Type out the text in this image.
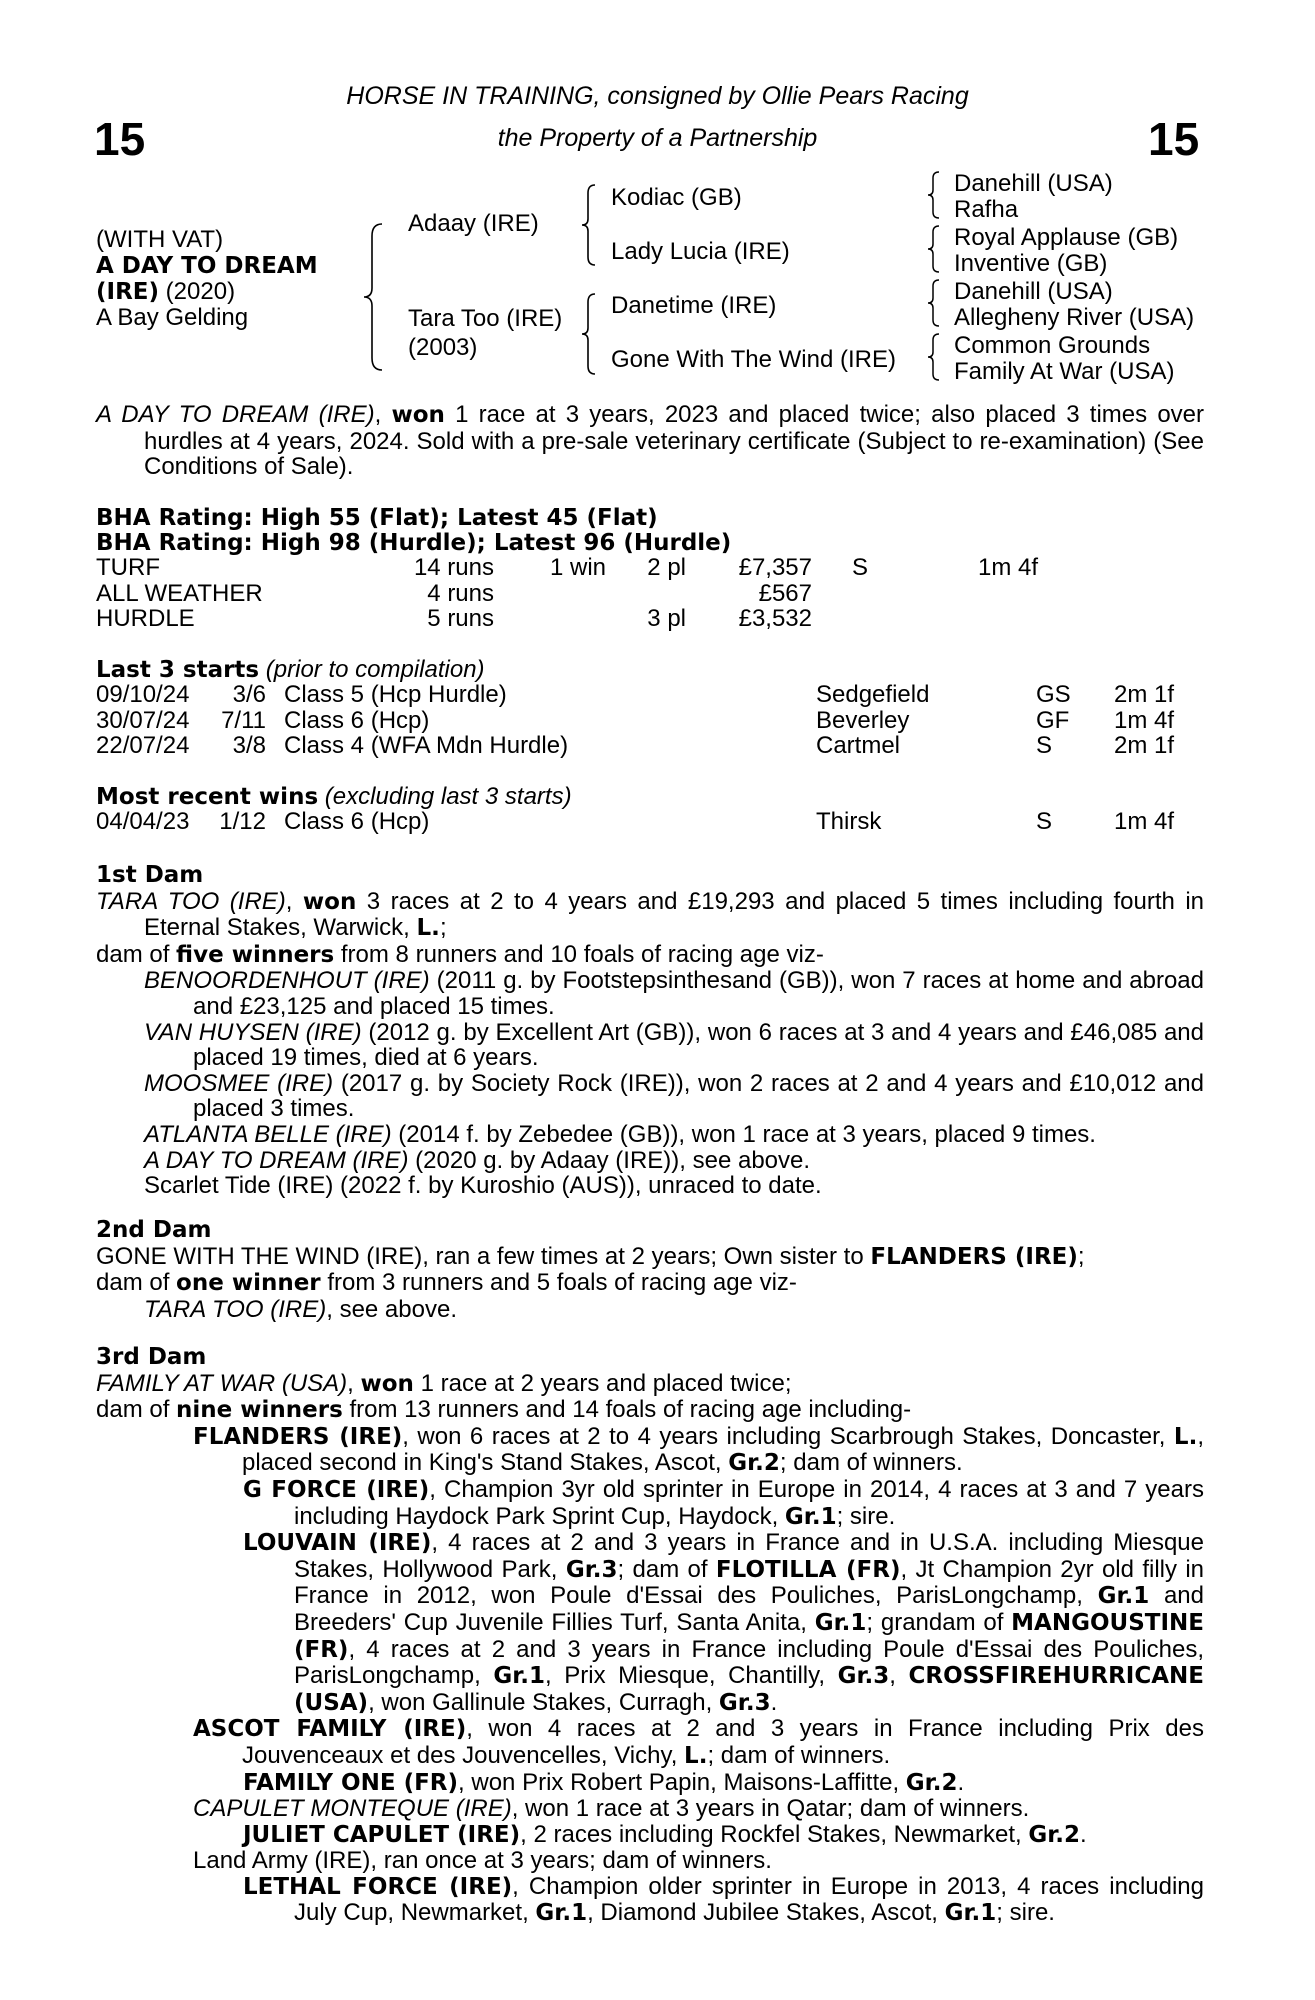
15	15
HORSE IN TRAINING, consigned by Ollie Pears Racing
the Property of a Partnership
(WITH VAT)
A DAY TO DREAM
(IRE) (2020)
A Bay Gelding
Adaay (IRE)
Tara Too (IRE)
(2003)
Kodiac (GB)
Lady Lucia (IRE)
Danetime (IRE)
Gone With The Wind (IRE)
Danehill (USA)
Rafha
Royal Applause (GB)
Inventive (GB)
Danehill (USA)
Allegheny River (USA)
Common Grounds
Family At War (USA)

A DAY TO DREAM (IRE), won 1 race at 3 years, 2023 and placed twice; also placed 3 times over hurdles at 4 years, 2024. Sold with a pre-sale veterinary certificate (Subject to re-examination) (See Conditions of Sale).

BHA Rating: High 55 (Flat); Latest 45 (Flat)
BHA Rating: High 98 (Hurdle); Latest 96 (Hurdle)
TURF	14 runs	1 win	2 pl	£7,357	S	1m 4f
ALL WEATHER	4 runs			£567		
HURDLE	5 runs		3 pl	£3,532		
Last 3 starts (prior to compilation)
09/10/24	3/6	Class 5 (Hcp Hurdle)	Sedgefield	GS	2m 1f
30/07/24	7/11	Class 6 (Hcp)	Beverley	GF	1m 4f
22/07/24	3/8	Class 4 (WFA Mdn Hurdle)	Cartmel	S	2m 1f
Most recent wins (excluding last 3 starts)
04/04/23	1/12	Class 6 (Hcp)	Thirsk	S	1m 4f

1st Dam

TARA TOO (IRE), won 3 races at 2 to 4 years and £19,293 and placed 5 times including fourth in Eternal Stakes, Warwick, L.;

dam of five winners from 8 runners and 10 foals of racing age viz-

BENOORDENHOUT (IRE) (2011 g. by Footstepsinthesand (GB)), won 7 races at home and abroad and £23,125 and placed 15 times.

VAN HUYSEN (IRE) (2012 g. by Excellent Art (GB)), won 6 races at 3 and 4 years and £46,085 and placed 19 times, died at 6 years.

MOOSMEE (IRE) (2017 g. by Society Rock (IRE)), won 2 races at 2 and 4 years and £10,012 and placed 3 times.

ATLANTA BELLE (IRE) (2014 f. by Zebedee (GB)), won 1 race at 3 years, placed 9 times.

A DAY TO DREAM (IRE) (2020 g. by Adaay (IRE)), see above.

Scarlet Tide (IRE) (2022 f. by Kuroshio (AUS)), unraced to date.

2nd Dam

GONE WITH THE WIND (IRE), ran a few times at 2 years; Own sister to FLANDERS (IRE);

dam of one winner from 3 runners and 5 foals of racing age viz-

TARA TOO (IRE), see above.

3rd Dam

FAMILY AT WAR (USA), won 1 race at 2 years and placed twice;

dam of nine winners from 13 runners and 14 foals of racing age including-

FLANDERS (IRE), won 6 races at 2 to 4 years including Scarbrough Stakes, Doncaster, L., placed second in King's Stand Stakes, Ascot, Gr.2; dam of winners.

G FORCE (IRE), Champion 3yr old sprinter in Europe in 2014, 4 races at 3 and 7 years including Haydock Park Sprint Cup, Haydock, Gr.1; sire.

LOUVAIN (IRE), 4 races at 2 and 3 years in France and in U.S.A. including Miesque Stakes, Hollywood Park, Gr.3; dam of FLOTILLA (FR), Jt Champion 2yr old filly in France in 2012, won Poule d'Essai des Pouliches, ParisLongchamp, Gr.1 and Breeders' Cup Juvenile Fillies Turf, Santa Anita, Gr.1; grandam of MANGOUSTINE (FR), 4 races at 2 and 3 years in France including Poule d'Essai des Pouliches, ParisLongchamp, Gr.1, Prix Miesque, Chantilly, Gr.3, CROSSFIREHURRICANE (USA), won Gallinule Stakes, Curragh, Gr.3.

ASCOT FAMILY (IRE), won 4 races at 2 and 3 years in France including Prix des Jouvenceaux et des Jouvencelles, Vichy, L.; dam of winners.

FAMILY ONE (FR), won Prix Robert Papin, Maisons-Laffitte, Gr.2.

CAPULET MONTEQUE (IRE), won 1 race at 3 years in Qatar; dam of winners.

JULIET CAPULET (IRE), 2 races including Rockfel Stakes, Newmarket, Gr.2.

Land Army (IRE), ran once at 3 years; dam of winners.

LETHAL FORCE (IRE), Champion older sprinter in Europe in 2013, 4 races including July Cup, Newmarket, Gr.1, Diamond Jubilee Stakes, Ascot, Gr.1; sire.
